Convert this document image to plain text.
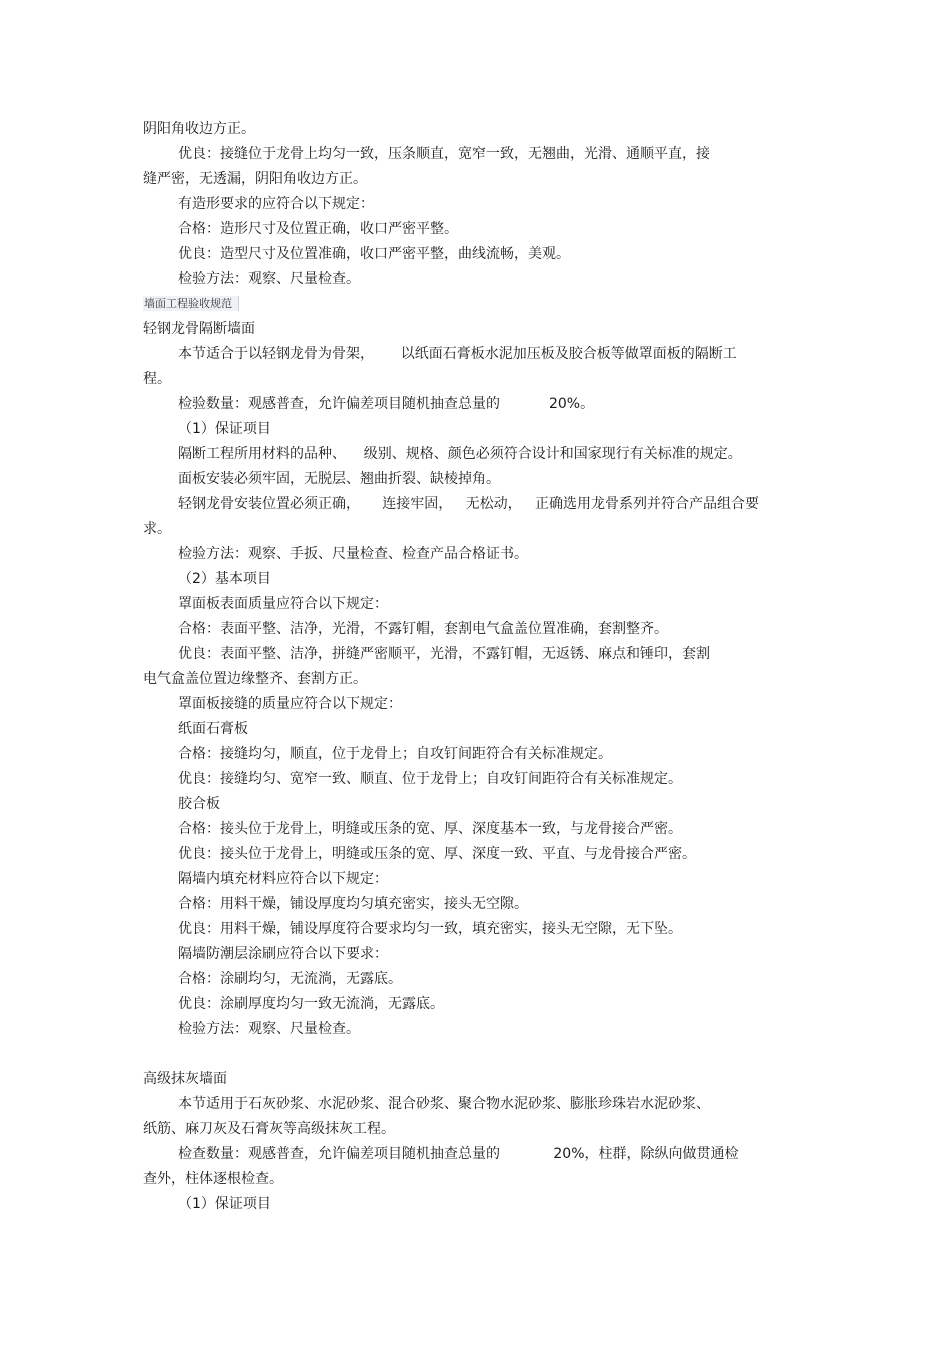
阴阳角收边方正。

优良：接缝位于龙骨上均匀一致，压条顺直，宽窄一致，无翘曲，光滑、通顺平直，接

缝严密，无透漏，阴阳角收边方正。

有造形要求的应符合以下规定：

合格：造形尺寸及位置正确，收口严密平整。

优良：造型尺寸及位置准确，收口严密平整，曲线流畅，美观。

检验方法：观察、尺量检查。

墙面工程验收规范

轻钢龙骨隔断墙面

本节适合于以轻钢龙骨为骨架，      以纸面石膏板水泥加压板及胶合板等做罩面板的隔断工

程。

检验数量：观感普查，允许偏差项目随机抽查总量的           20%。

（1）保证项目

隔断工程所用材料的品种、    级别、规格、颜色必须符合设计和国家现行有关标准的规定。

面板安装必须牢固，无脱层、翘曲折裂、缺棱掉角。

轻钢龙骨安装位置必须正确，     连接牢固，   无松动，   正确选用龙骨系列并符合产品组合要

求。

检验方法：观察、手扳、尺量检查、检查产品合格证书。

（2）基本项目

罩面板表面质量应符合以下规定：

合格：表面平整、洁净，光滑，不露钉帽，套割电气盒盖位置准确，套割整齐。

优良：表面平整、洁净，拼缝严密顺平，光滑，不露钉帽，无返锈、麻点和锤印，套割

电气盒盖位置边缘整齐、套割方正。

罩面板接缝的质量应符合以下规定：

纸面石膏板

合格：接缝均匀，顺直，位于龙骨上；自攻钉间距符合有关标准规定。

优良：接缝均匀、宽窄一致、顺直、位于龙骨上；自攻钉间距符合有关标准规定。

胶合板

合格：接头位于龙骨上，明缝或压条的宽、厚、深度基本一致，与龙骨接合严密。

优良：接头位于龙骨上，明缝或压条的宽、厚、深度一致、平直、与龙骨接合严密。

隔墙内填充材料应符合以下规定：

合格：用料干燥，铺设厚度均匀填充密实，接头无空隙。

优良：用料干燥，铺设厚度符合要求均匀一致，填充密实，接头无空隙，无下坠。

隔墙防潮层涂刷应符合以下要求：

合格：涂刷均匀，无流淌，无露底。

优良：涂刷厚度均匀一致无流淌，无露底。

检验方法：观察、尺量检查。

高级抹灰墙面

本节适用于石灰砂浆、水泥砂浆、混合砂浆、聚合物水泥砂浆、膨胀珍珠岩水泥砂浆、

纸筋、麻刀灰及石膏灰等高级抹灰工程。

检查数量：观感普查，允许偏差项目随机抽查总量的            20%，柱群，除纵向做贯通检

查外，柱体逐根检查。

（1）保证项目
